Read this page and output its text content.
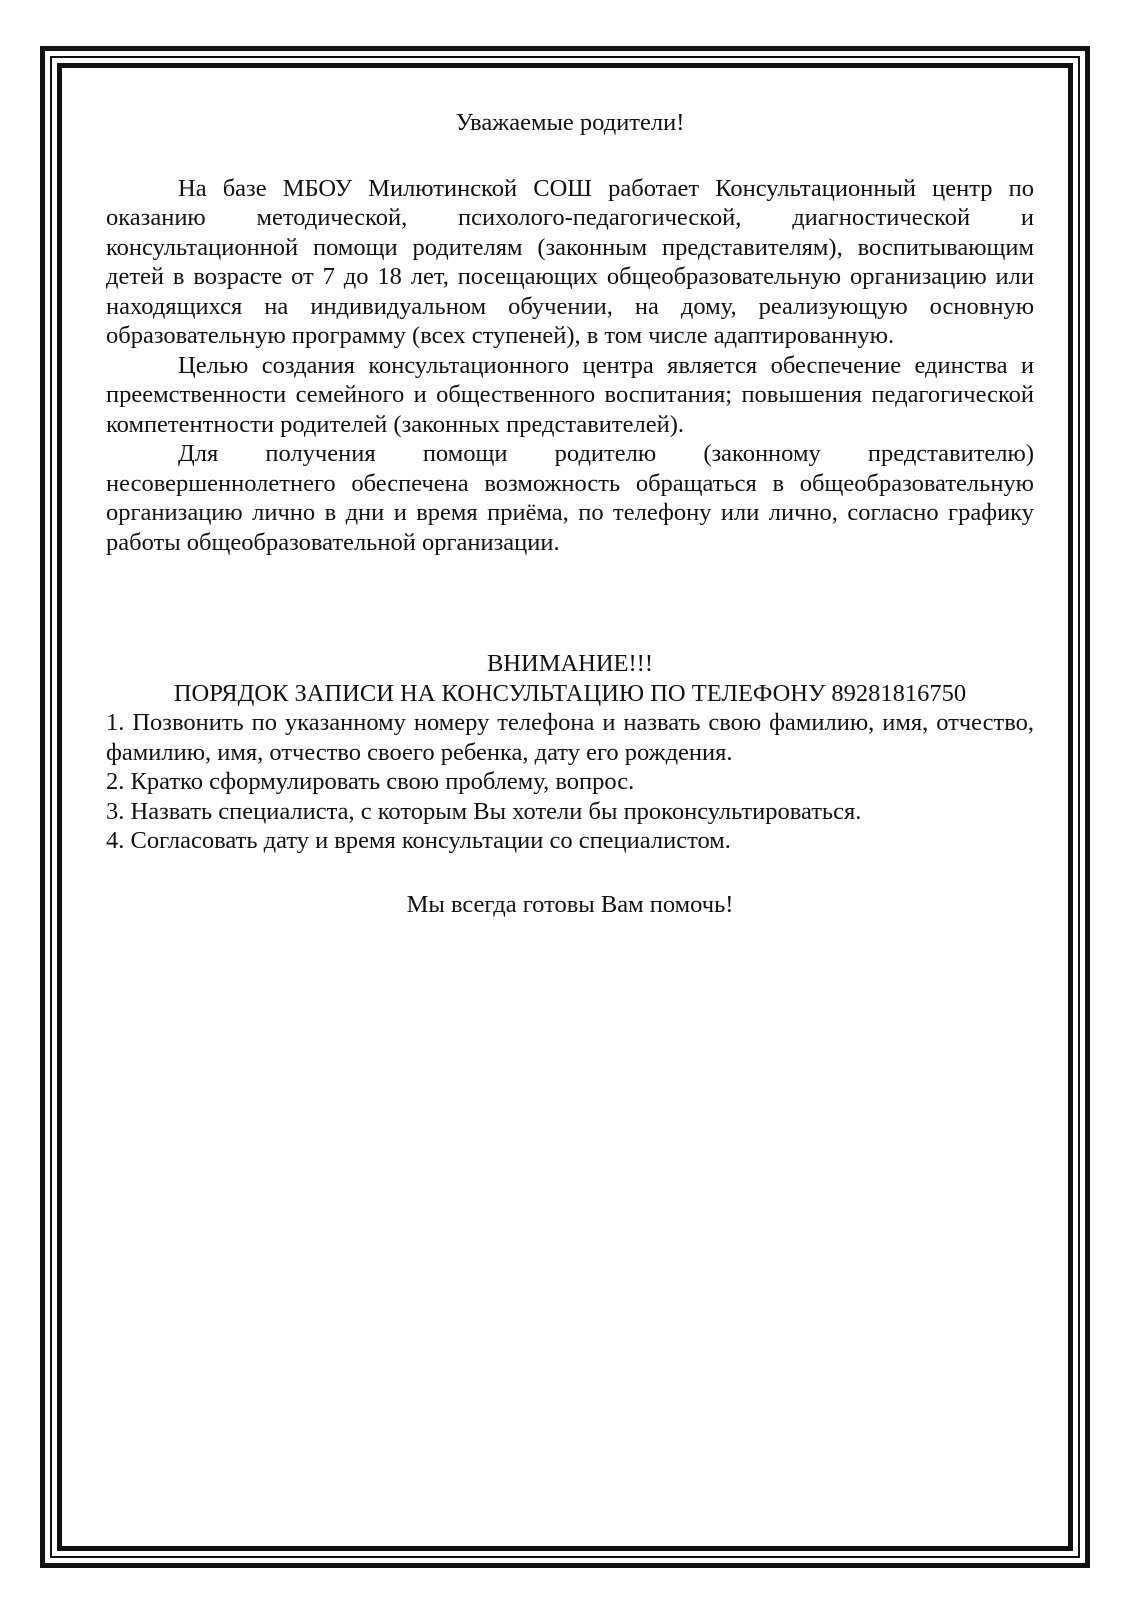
Уважаемые родители!

На базе МБОУ Милютинской СОШ работает Консультационный центр по оказанию методической, психолого-педагогической, диагностической и консультационной помощи родителям (законным представителям), воспитывающим детей в возрасте от 7 до 18 лет, посещающих общеобразовательную организацию или находящихся на индивидуальном обучении, на дому, реализующую основную образовательную программу (всех ступеней), в том числе адаптированную.

Целью создания консультационного центра является обеспечение единства и преемственности семейного и общественного воспитания; повышения педагогической компетентности родителей (законных представителей).

Для получения помощи родителю (законному представителю) несовершеннолетнего обеспечена возможность обращаться в общеобразовательную организацию лично в дни и время приёма, по телефону или лично, согласно графику работы общеобразовательной организации.

ВНИМАНИЕ!!!

ПОРЯДОК ЗАПИСИ НА КОНСУЛЬТАЦИЮ ПО ТЕЛЕФОНУ 89281816750

1. Позвонить по указанному номеру телефона и назвать свою фамилию, имя, отчество, фамилию, имя, отчество своего ребенка, дату его рождения.
2. Кратко сформулировать свою проблему, вопрос.
3. Назвать специалиста, с которым Вы хотели бы проконсультироваться.
4. Согласовать дату и время консультации со специалистом.

Мы всегда готовы Вам помочь!
